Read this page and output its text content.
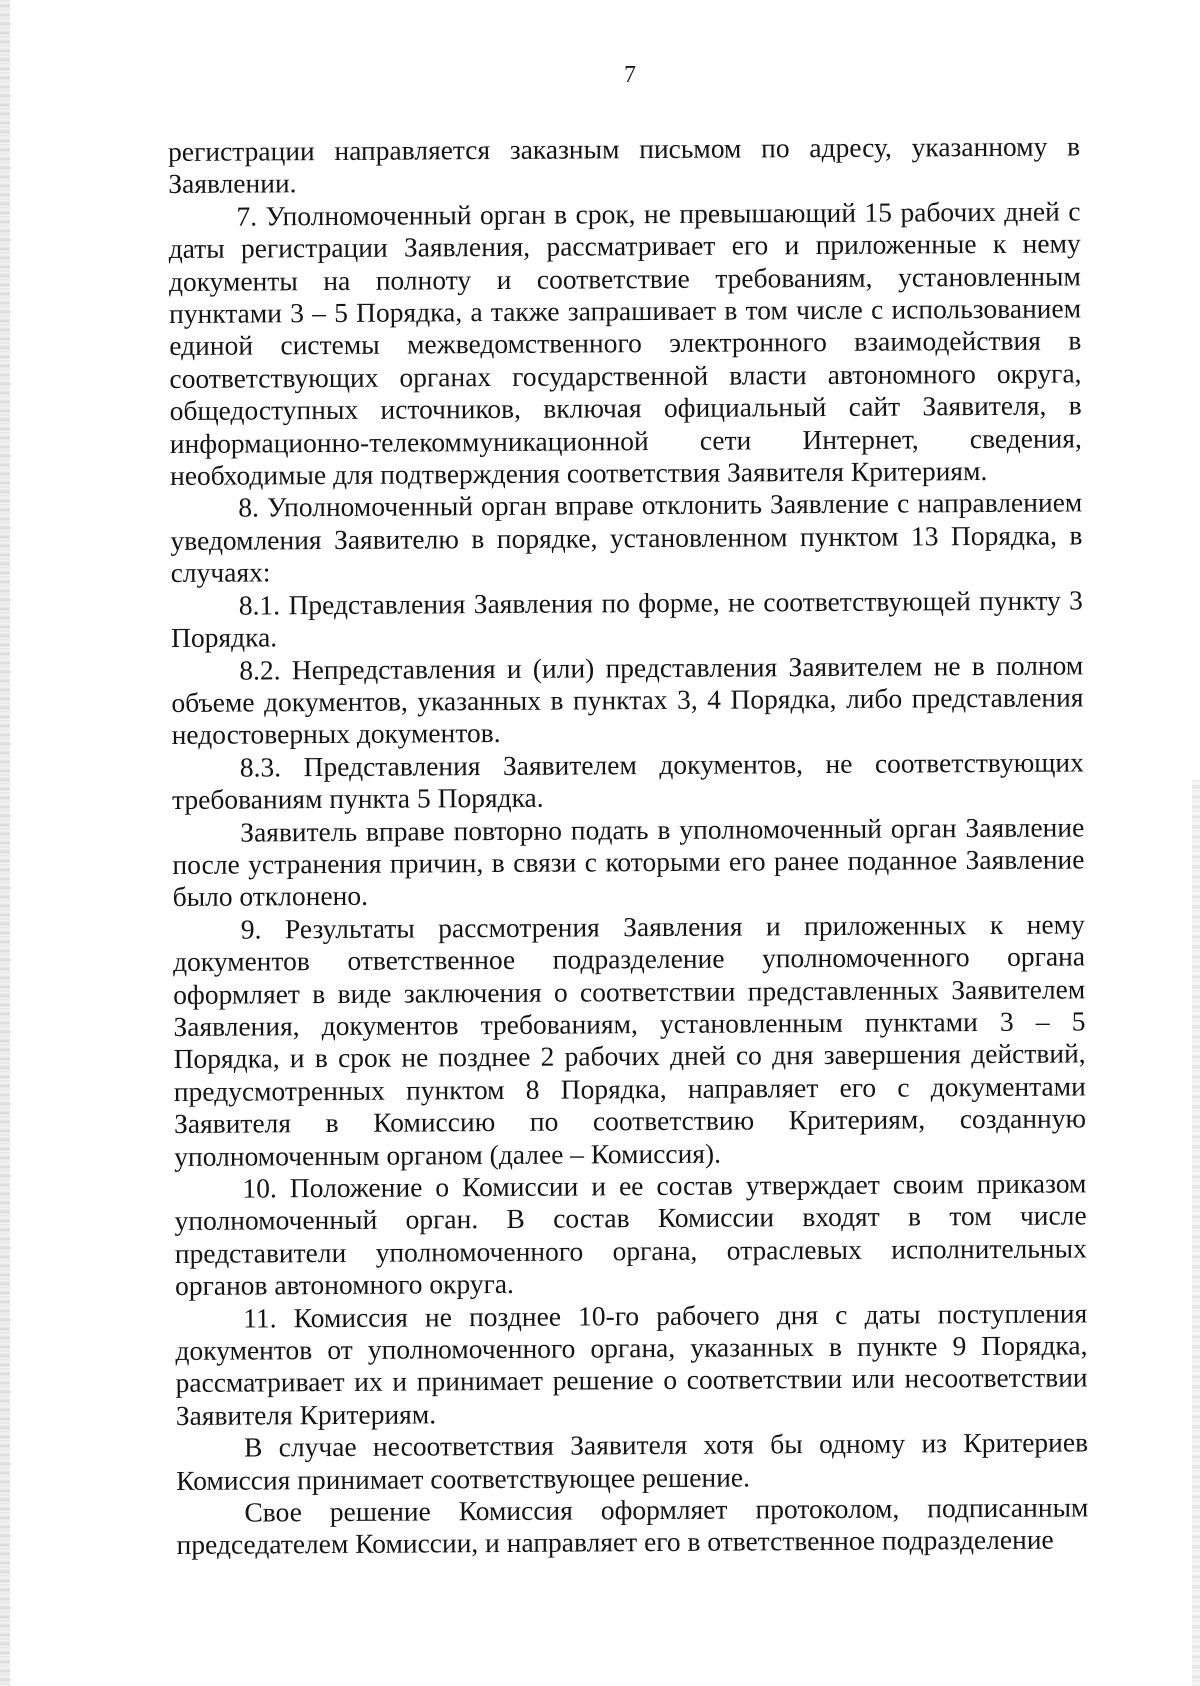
7

регистрации направляется заказным письмом по адресу, указанному в Заявлении.

7. Уполномоченный орган в срок, не превышающий 15 рабочих дней с даты регистрации Заявления, рассматривает его и приложенные к нему документы на полноту и соответствие требованиям, установленным пунктами 3 – 5 Порядка, а также запрашивает в том числе с использованием единой системы межведомственного электронного взаимодействия в соответствующих органах государственной власти автономного округа, общедоступных источников, включая официальный сайт Заявителя, в информационно-телекоммуникационной сети Интернет, сведения, необходимые для подтверждения соответствия Заявителя Критериям.

8. Уполномоченный орган вправе отклонить Заявление с направлением уведомления Заявителю в порядке, установленном пунктом 13 Порядка, в случаях:

8.1. Представления Заявления по форме, не соответствующей пункту 3 Порядка.

8.2. Непредставления и (или) представления Заявителем не в полном объеме документов, указанных в пунктах 3, 4 Порядка, либо представления недостоверных документов.

8.3. Представления Заявителем документов, не соответствующих требованиям пункта 5 Порядка.

Заявитель вправе повторно подать в уполномоченный орган Заявление после устранения причин, в связи с которыми его ранее поданное Заявление было отклонено.

9. Результаты рассмотрения Заявления и приложенных к нему документов ответственное подразделение уполномоченного органа оформляет в виде заключения о соответствии представленных Заявителем Заявления, документов требованиям, установленным пунктами 3 – 5 Порядка, и в срок не позднее 2 рабочих дней со дня завершения действий, предусмотренных пунктом 8 Порядка, направляет его с документами Заявителя в Комиссию по соответствию Критериям, созданную уполномоченным органом (далее – Комиссия).

10. Положение о Комиссии и ее состав утверждает своим приказом уполномоченный орган. В состав Комиссии входят в том числе представители уполномоченного органа, отраслевых исполнительных органов автономного округа.

11. Комиссия не позднее 10-го рабочего дня с даты поступления документов от уполномоченного органа, указанных в пункте 9 Порядка, рассматривает их и принимает решение о соответствии или несоответствии Заявителя Критериям.

В случае несоответствия Заявителя хотя бы одному из Критериев Комиссия принимает соответствующее решение.

Свое решение Комиссия оформляет протоколом, подписанным председателем Комиссии, и направляет его в ответственное подразделение
